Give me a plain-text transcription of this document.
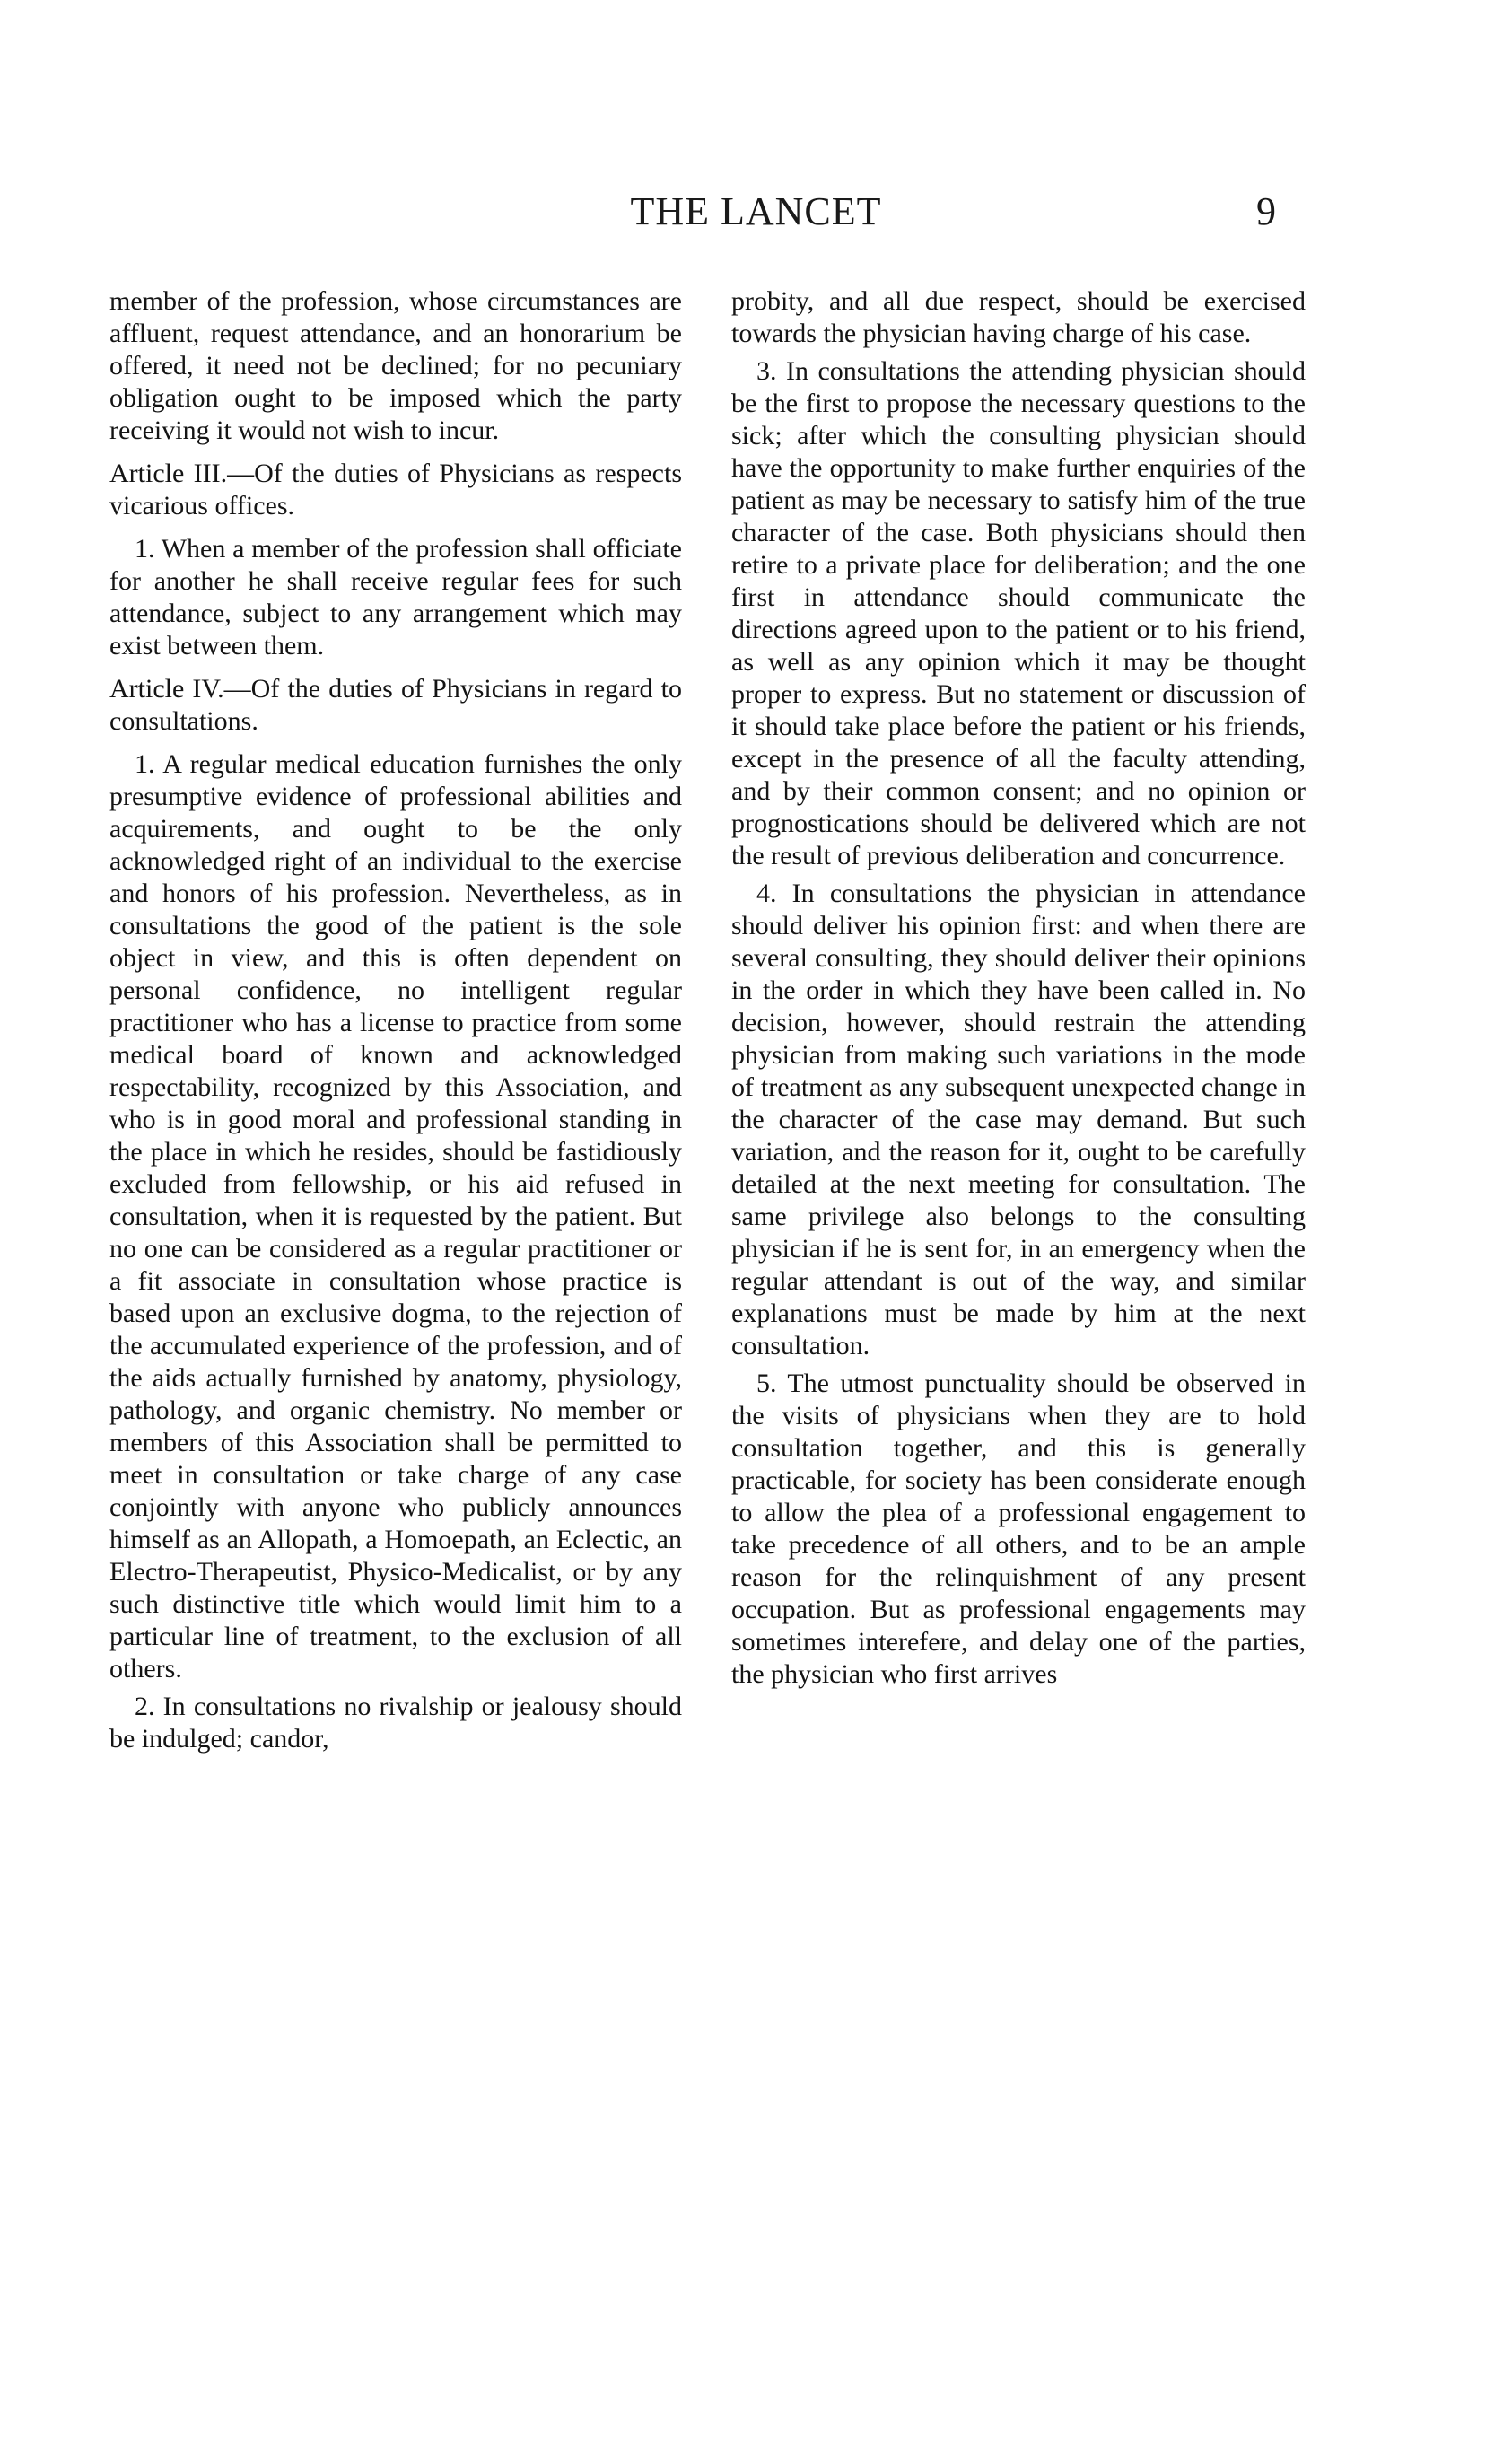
THE LANCET	9

member of the profession, whose circumstances are affluent, request attendance, and an honorarium be offered, it need not be declined; for no pecuniary obligation ought to be imposed which the party receiving it would not wish to incur.

Article III.—Of the duties of Physicians as respects vicarious offices.

1. When a member of the profession shall officiate for another he shall receive regular fees for such attendance, subject to any arrangement which may exist between them.

Article IV.—Of the duties of Physicians in regard to consultations.

1. A regular medical education furnishes the only presumptive evidence of professional abilities and acquirements, and ought to be the only acknowledged right of an individual to the exercise and honors of his profession. Nevertheless, as in consultations the good of the patient is the sole object in view, and this is often dependent on personal confidence, no intelligent regular practitioner who has a license to practice from some medical board of known and acknowledged respectability, recognized by this Association, and who is in good moral and professional standing in the place in which he resides, should be fastidiously excluded from fellowship, or his aid refused in consultation, when it is requested by the patient. But no one can be considered as a regular practitioner or a fit associate in consultation whose practice is based upon an exclusive dogma, to the rejection of the accumulated experience of the profession, and of the aids actually furnished by anatomy, physiology, pathology, and organic chemistry. No member or members of this Association shall be permitted to meet in consultation or take charge of any case conjointly with anyone who publicly announces himself as an Allopath, a Homoepath, an Eclectic, an Electro-Therapeutist, Physico-Medicalist, or by any such distinctive title which would limit him to a particular line of treatment, to the exclusion of all others.

2. In consultations no rivalship or jealousy should be indulged; candor,

probity, and all due respect, should be exercised towards the physician having charge of his case.

3. In consultations the attending physician should be the first to propose the necessary questions to the sick; after which the consulting physician should have the opportunity to make further enquiries of the patient as may be necessary to satisfy him of the true character of the case. Both physicians should then retire to a private place for deliberation; and the one first in attendance should communicate the directions agreed upon to the patient or to his friend, as well as any opinion which it may be thought proper to express. But no statement or discussion of it should take place before the patient or his friends, except in the presence of all the faculty attending, and by their common consent; and no opinion or prognostications should be delivered which are not the result of previous deliberation and concurrence.

4. In consultations the physician in attendance should deliver his opinion first: and when there are several consulting, they should deliver their opinions in the order in which they have been called in. No decision, however, should restrain the attending physician from making such variations in the mode of treatment as any subsequent unexpected change in the character of the case may demand. But such variation, and the reason for it, ought to be carefully detailed at the next meeting for consultation. The same privilege also belongs to the consulting physician if he is sent for, in an emergency when the regular attendant is out of the way, and similar explanations must be made by him at the next consultation.

5. The utmost punctuality should be observed in the visits of physicians when they are to hold consultation together, and this is generally practicable, for society has been considerate enough to allow the plea of a professional engagement to take precedence of all others, and to be an ample reason for the relinquishment of any present occupation. But as professional engagements may sometimes interefere, and delay one of the parties, the physician who first arrives
